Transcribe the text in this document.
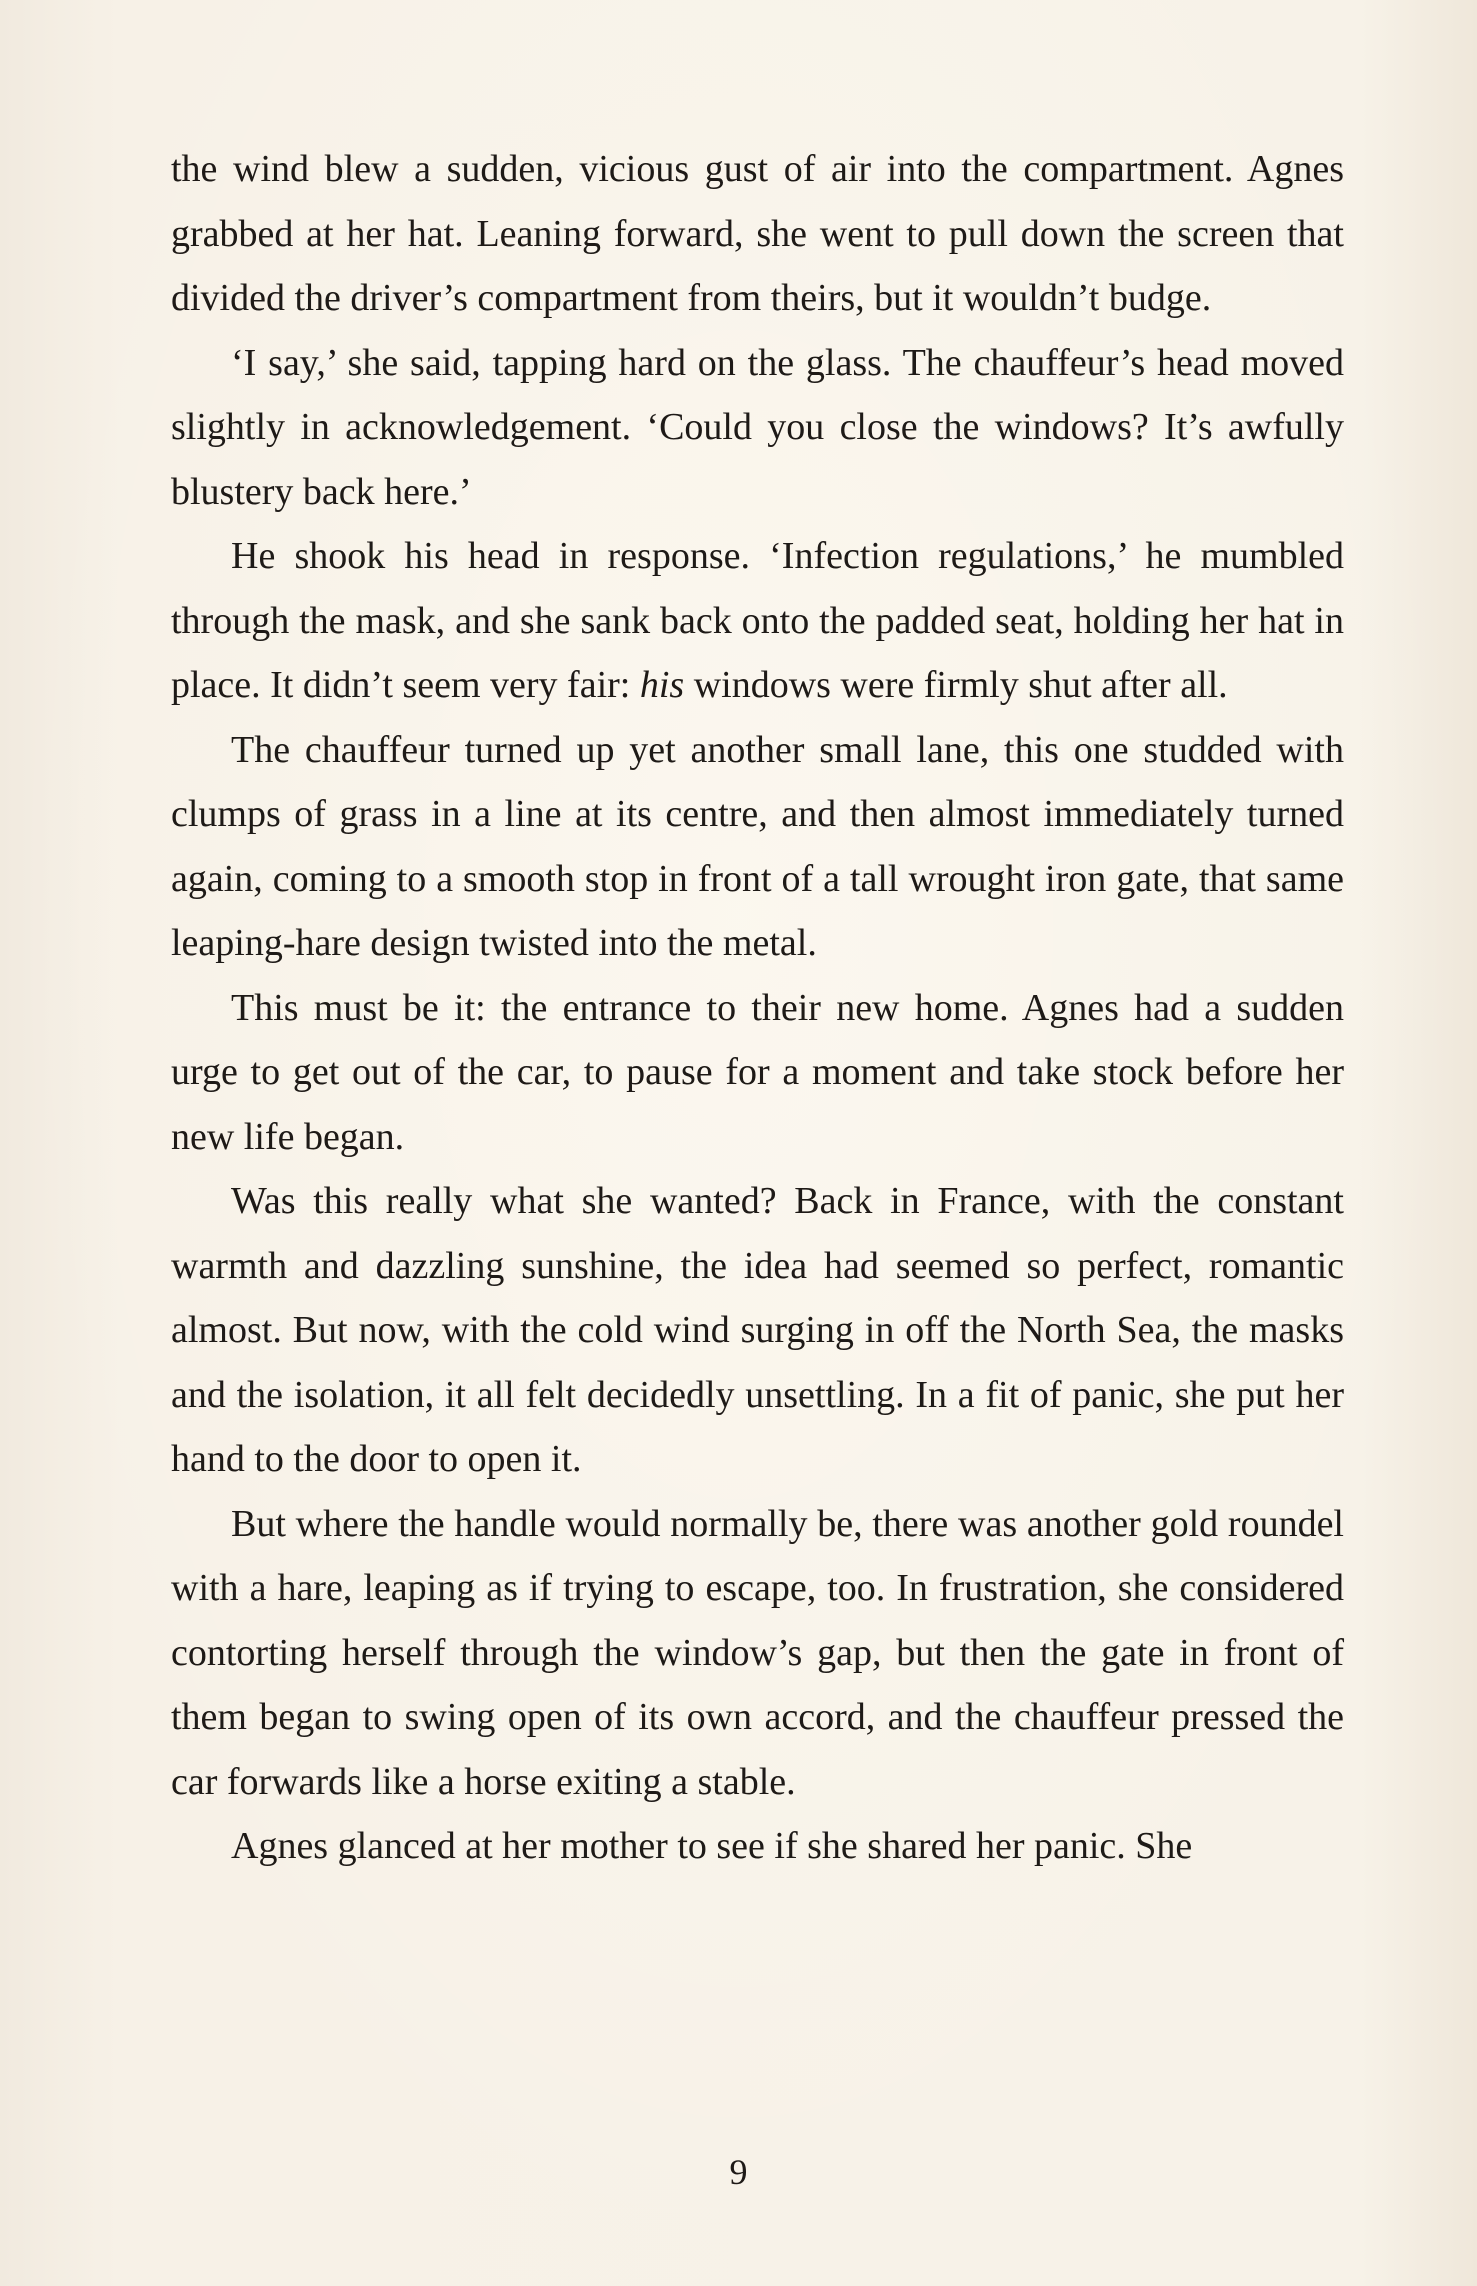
the wind blew a sudden, vicious gust of air into the compartment. Agnes grabbed at her hat. Leaning forward, she went to pull down the screen that divided the driver’s compartment from theirs, but it wouldn’t budge.

‘I say,’ she said, tapping hard on the glass. The chauffeur’s head moved slightly in acknowledgement. ‘Could you close the windows? It’s awfully blustery back here.’

He shook his head in response. ‘Infection regulations,’ he mumbled through the mask, and she sank back onto the padded seat, holding her hat in place. It didn’t seem very fair: his windows were firmly shut after all.

The chauffeur turned up yet another small lane, this one studded with clumps of grass in a line at its centre, and then almost immediately turned again, coming to a smooth stop in front of a tall wrought iron gate, that same leaping-hare design twisted into the metal.

This must be it: the entrance to their new home. Agnes had a sudden urge to get out of the car, to pause for a moment and take stock before her new life began.

Was this really what she wanted? Back in France, with the constant warmth and dazzling sunshine, the idea had seemed so perfect, romantic almost. But now, with the cold wind surging in off the North Sea, the masks and the isolation, it all felt decidedly unsettling. In a fit of panic, she put her hand to the door to open it.

But where the handle would normally be, there was another gold roundel with a hare, leaping as if trying to escape, too. In frustration, she considered contorting herself through the window’s gap, but then the gate in front of them began to swing open of its own accord, and the chauffeur pressed the car forwards like a horse exiting a stable.

Agnes glanced at her mother to see if she shared her panic. She

9
